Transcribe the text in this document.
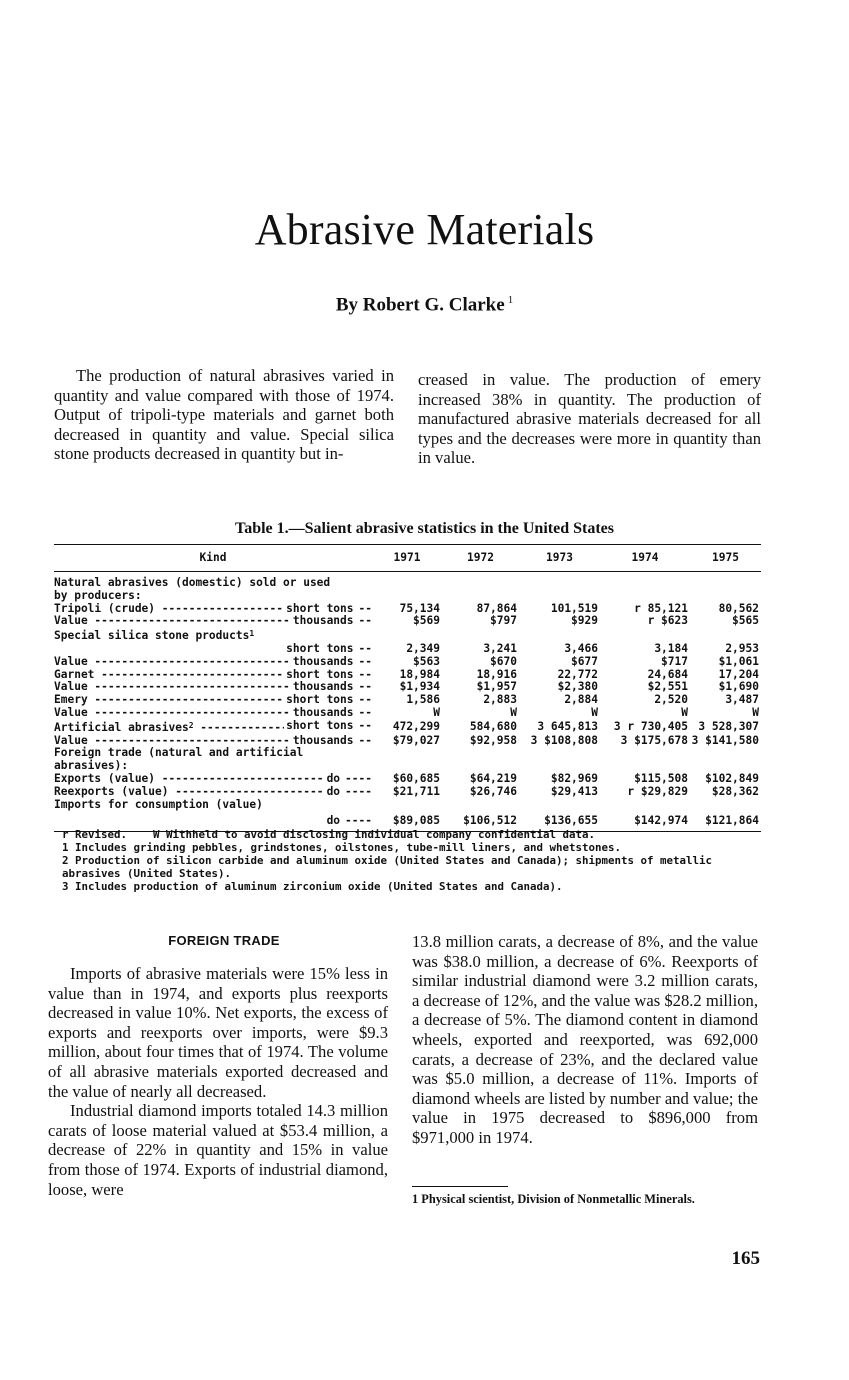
Abrasive Materials
By Robert G. Clarke $^1$

The production of natural abrasives varied in quantity and value compared with those of 1974. Output of tripoli-type materials and garnet both decreased in quantity and value. Special silica stone products decreased in quantity but in-

creased in value. The production of emery increased 38% in quantity. The production of manufactured abrasive materials decreased for all types and the decreases were more in quantity than in value.

Table 1.—Salient abrasive statistics in the United States
Kind	1971	1972	1973	1974	1975

Natural abrasives (domestic) sold or used					
by producers:					

Tripoli (crude) ----- short tons --	75,134	87,864	101,519	r 85,121	80,562

Value ----- thousands --	$569	$797	$929	r $623	$565
Special silica stone products$^1$

short tons --	2,349	3,241	3,466	3,184	2,953

Value ----- thousands --	$563	$670	$677	$717	$1,061

Garnet ----- short tons --	18,984	18,916	22,772	24,684	17,204

Value ----- thousands --	$1,934	$1,957	$2,380	$2,551	$1,690

Emery ----- short tons --	1,586	2,883	2,884	2,520	3,487

Value ----- thousands --	W	W	W	W	W

Artificial abrasives$^2$ ----- short tons --	472,299	584,680	3 645,813	3 r 730,405	3 528,307

Value ----- thousands --	$79,027	$92,958	3 $108,808	3 $175,678	3 $141,580
Foreign trade (natural and artificial					
abrasives):					

Exports (value) ----- do ----	$60,685	$64,219	$82,969	$115,508	$102,849

Reexports (value) ----- do ----	$21,711	$26,746	$29,413	r $29,829	$28,362
Imports for consumption (value)					

do ----	$89,085	$106,512	$136,655	$142,974	$121,864

r Revised. W Withheld to avoid disclosing individual company confidential data.

1 Includes grinding pebbles, grindstones, oilstones, tube-mill liners, and whetstones.

2 Production of silicon carbide and aluminum oxide (United States and Canada); shipments of metallic abrasives (United States).

3 Includes production of aluminum zirconium oxide (United States and Canada).

FOREIGN TRADE

Imports of abrasive materials were 15% less in value than in 1974, and exports plus reexports decreased in value 10%. Net exports, the excess of exports and reexports over imports, were $9.3 million, about four times that of 1974. The volume of all abrasive materials exported decreased and the value of nearly all decreased.

Industrial diamond imports totaled 14.3 million carats of loose material valued at $53.4 million, a decrease of 22% in quantity and 15% in value from those of 1974. Exports of industrial diamond, loose, were

13.8 million carats, a decrease of 8%, and the value was $38.0 million, a decrease of 6%. Reexports of similar industrial diamond were 3.2 million carats, a decrease of 12%, and the value was $28.2 million, a decrease of 5%. The diamond content in diamond wheels, exported and reexported, was 692,000 carats, a decrease of 23%, and the declared value was $5.0 million, a decrease of 11%. Imports of diamond wheels are listed by number and value; the value in 1975 decreased to $896,000 from $971,000 in 1974.

1 Physical scientist, Division of Nonmetallic Minerals.
165
